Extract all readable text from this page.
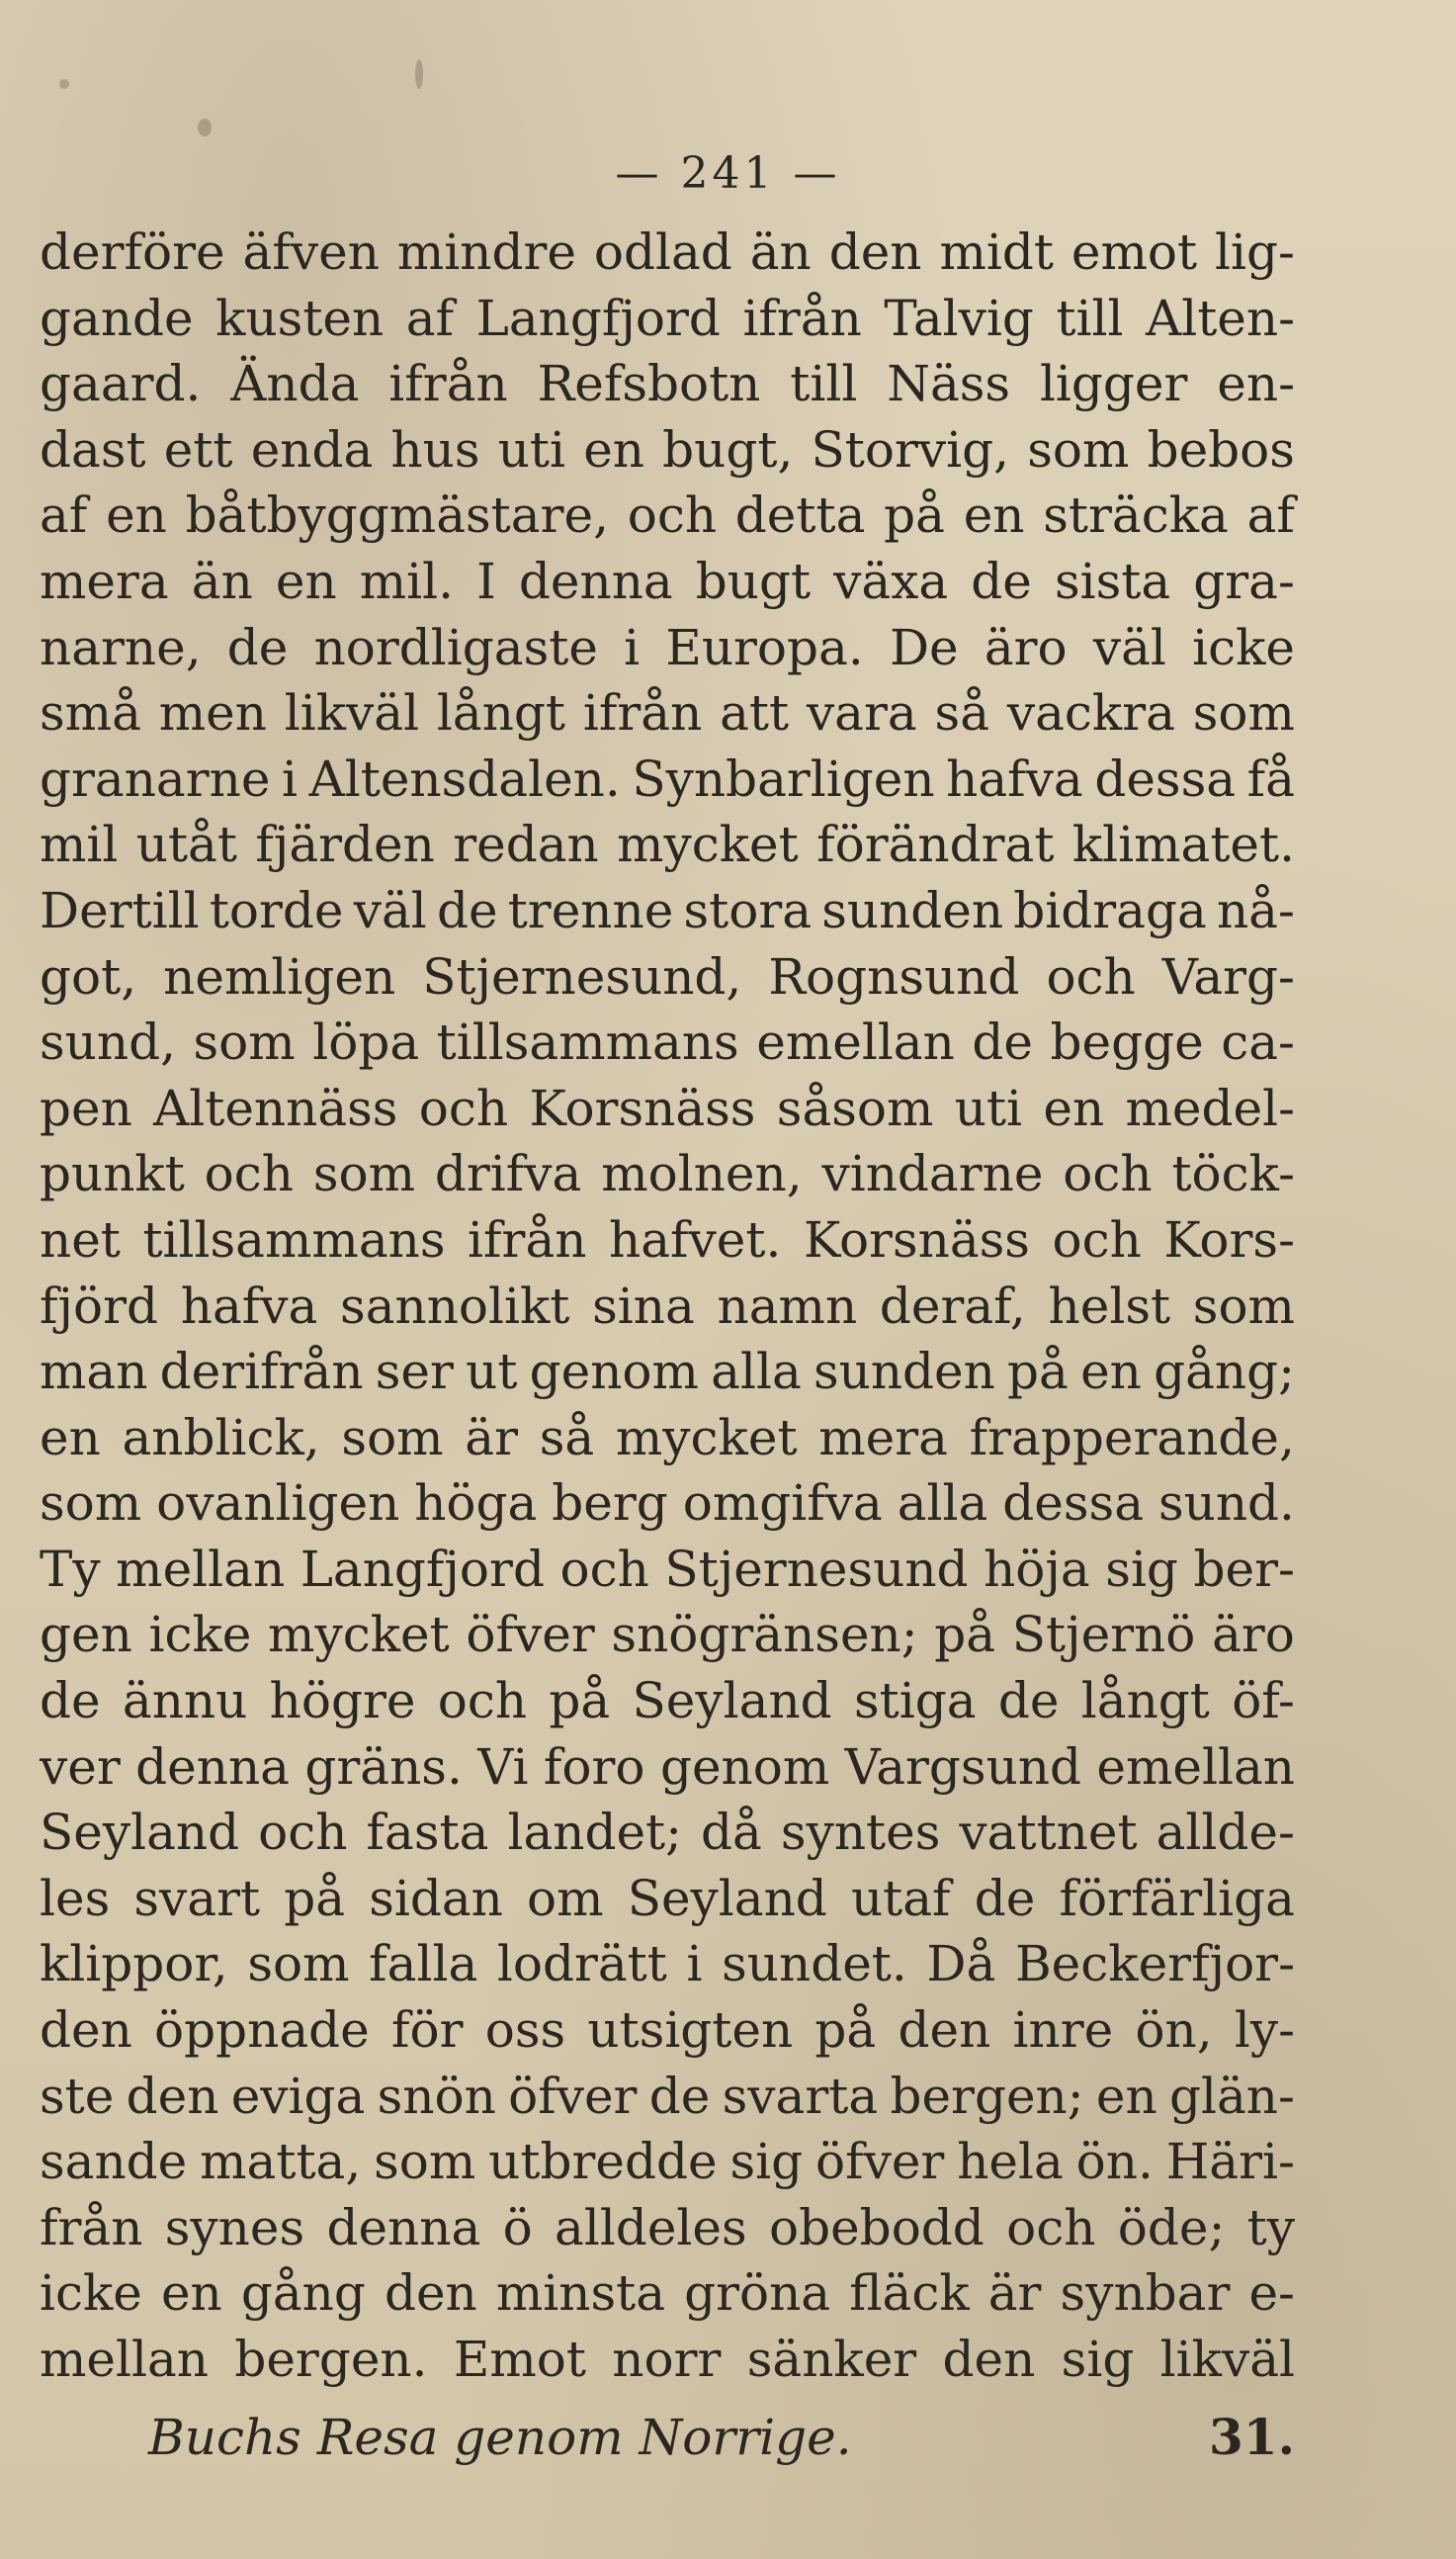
— 241 —
derföre äfven mindre odlad än den midt emot lig-
gande kusten af Langfjord ifrån Talvig till Alten-
gaard. Ända ifrån Refsbotn till Näss ligger en-
dast ett enda hus uti en bugt, Storvig, som bebos
af en båtbyggmästare, och detta på en sträcka af
mera än en mil. I denna bugt växa de sista gra-
narne, de nordligaste i Europa. De äro väl icke
små men likväl långt ifrån att vara så vackra som
granarne i Altensdalen. Synbarligen hafva dessa få
mil utåt fjärden redan mycket förändrat klimatet.
Dertill torde väl de trenne stora sunden bidraga nå-
got, nemligen Stjernesund, Rognsund och Varg-
sund, som löpa tillsammans emellan de begge ca-
pen Altennäss och Korsnäss såsom uti en medel-
punkt och som drifva molnen, vindarne och töck-
net tillsammans ifrån hafvet. Korsnäss och Kors-
fjörd hafva sannolikt sina namn deraf, helst som
man derifrån ser ut genom alla sunden på en gång;
en anblick, som är så mycket mera frapperande,
som ovanligen höga berg omgifva alla dessa sund.
Ty mellan Langfjord och Stjernesund höja sig ber-
gen icke mycket öfver snögränsen; på Stjernö äro
de ännu högre och på Seyland stiga de långt öf-
ver denna gräns. Vi foro genom Vargsund emellan
Seyland och fasta landet; då syntes vattnet allde-
les svart på sidan om Seyland utaf de förfärliga
klippor, som falla lodrätt i sundet. Då Beckerfjor-
den öppnade för oss utsigten på den inre ön, ly-
ste den eviga snön öfver de svarta bergen; en glän-
sande matta, som utbredde sig öfver hela ön. Häri-
från synes denna ö alldeles obebodd och öde; ty
icke en gång den minsta gröna fläck är synbar e-
mellan bergen. Emot norr sänker den sig likväl
Buchs Resa genom Norrige.	31.
